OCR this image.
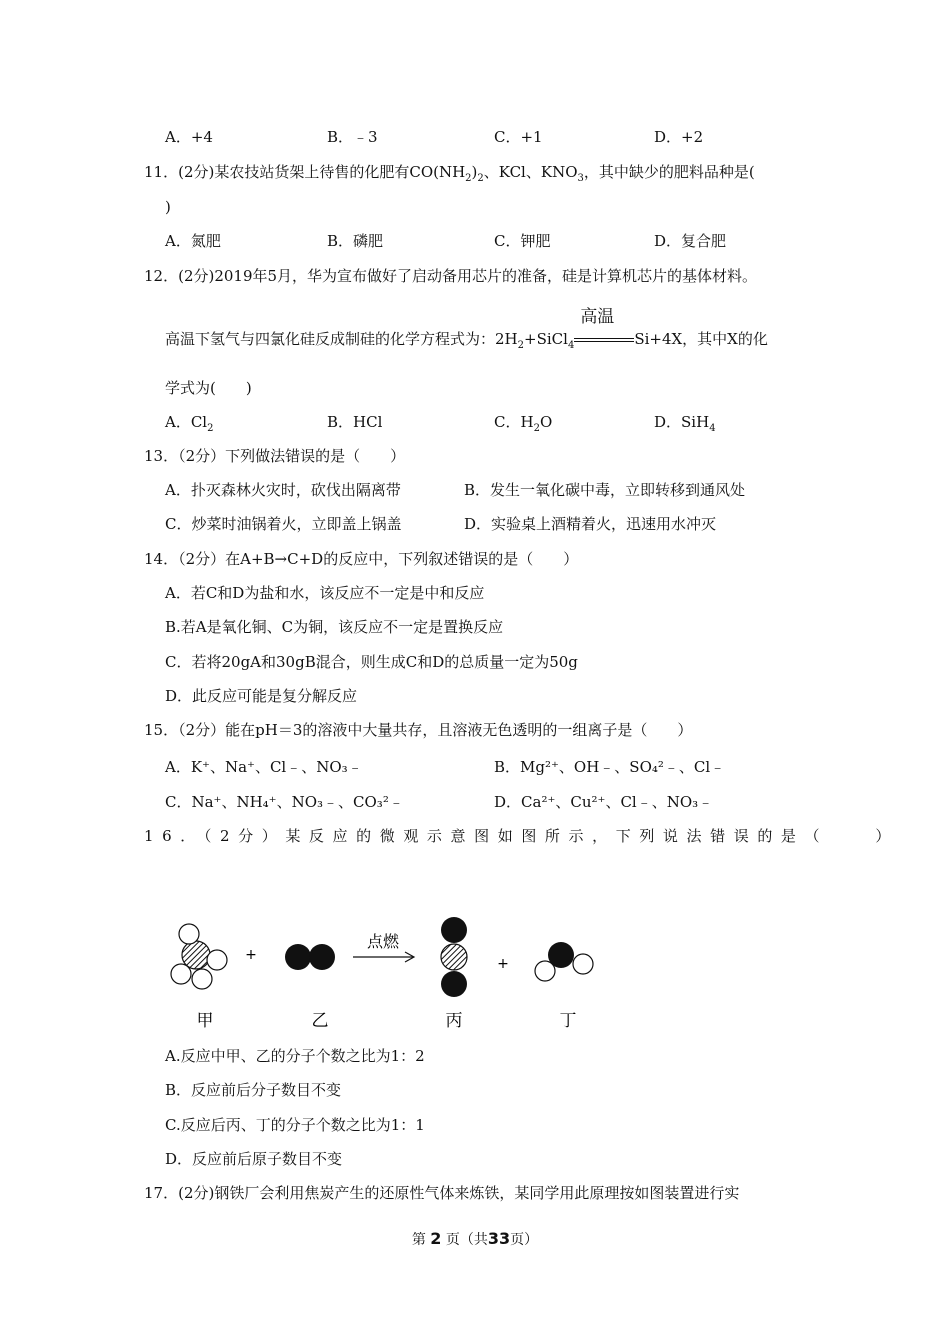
A．+4	B．﹣3	C．+1	D．+2
11．(2分)某农技站货架上待售的化肥有$CO(NH_2)_2$、KCl、$KNO_3$，其中缺少的肥料品种是(
)
A．氮肥	B．磷肥	C．钾肥	D．复合肥
12．(2分)2019年5月，华为宣布做好了启动备用芯片的准备，硅是计算机芯片的基体材料。
高温下氢气与四氯化硅反成制硅的化学方程式为：$2H_2+SiCl_4$
高温
Si+4X，其中X的化
学式为(　　)
A．$Cl_2$	B．HCl	C．$H_2O$	D．SiH$_4$
13．（2分）下列做法错误的是（　　）
A．扑灭森林火灾时，砍伐出隔离带	B．发生一氧化碳中毒，立即转移到通风处
C．炒菜时油锅着火，立即盖上锅盖	D．实验桌上酒精着火，迅速用水冲灭
14．（2分）在A+B→C+D的反应中，下列叙述错误的是（　　）
A．若C和D为盐和水，该反应不一定是中和反应
B.若A是氧化铜、C为铜，该反应不一定是置换反应
C．若将20gA和30gB混合，则生成C和D的总质量一定为50g
D．此反应可能是复分解反应
15．（2分）能在pH＝3的溶液中大量共存，且溶液无色透明的一组离子是（　　）
A．K⁺、Na⁺、Cl﹣、NO₃﹣	B．Mg²⁺、OH﹣、SO₄²﹣、Cl﹣
C．Na⁺、NH₄⁺、NO₃﹣、CO₃²﹣	D．Ca²⁺、Cu²⁺、Cl﹣、NO₃﹣
16．（2分）某反应的微观示意图如图所示，下列说法错误的是（　　）
+
点燃
+
甲	乙	丙	丁
A.反应中甲、乙的分子个数之比为1：2
B．反应前后分子数目不变
C.反应后丙、丁的分子个数之比为1：1
D．反应前后原子数目不变
17．(2分)钢铁厂会利用焦炭产生的还原性气体来炼铁，某同学用此原理按如图装置进行实
第 2 页（共33页）
